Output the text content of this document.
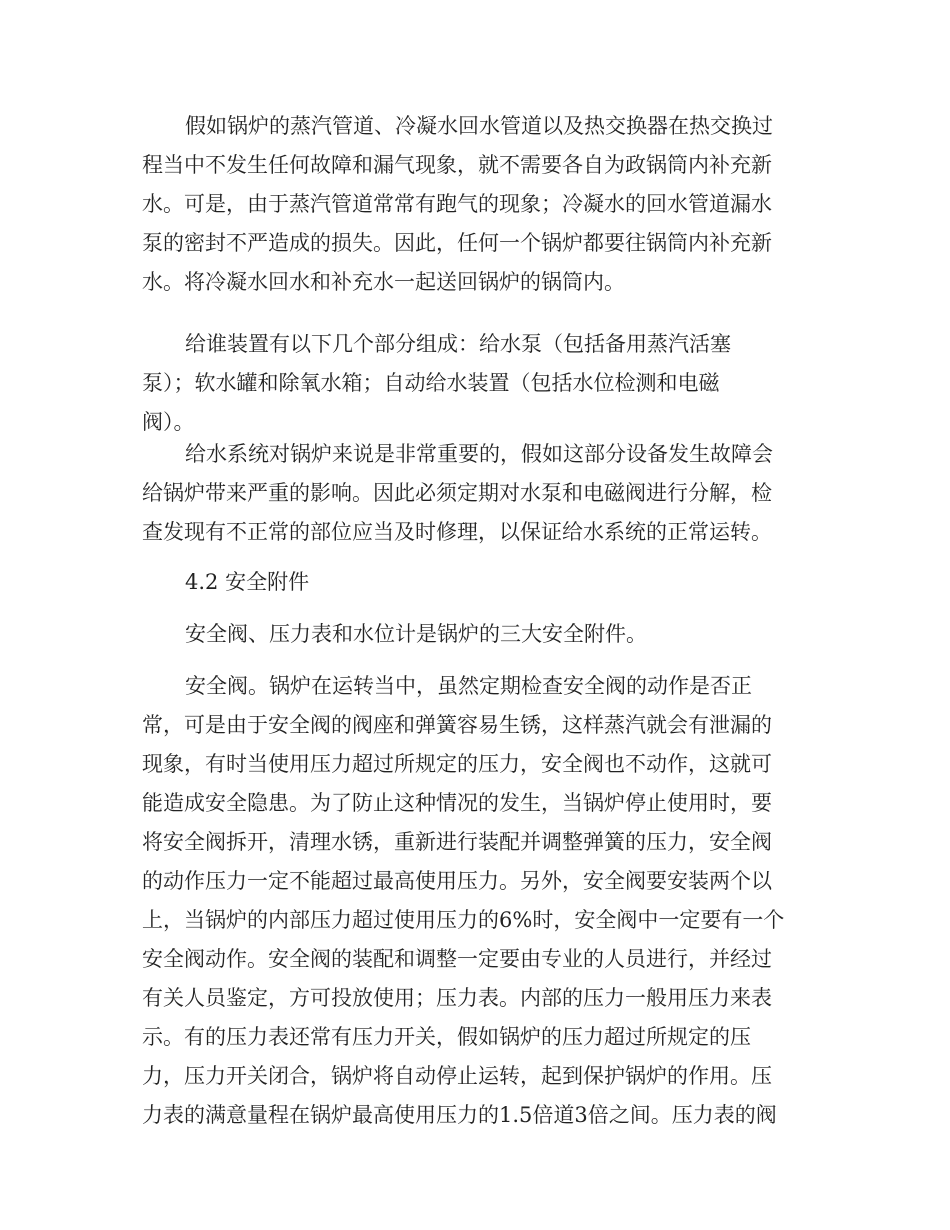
假如锅炉的蒸汽管道、冷凝水回水管道以及热交换器在热交换过
程当中不发生任何故障和漏气现象，就不需要各自为政锅筒内补充新
水。可是，由于蒸汽管道常常有跑气的现象；冷凝水的回水管道漏水
泵的密封不严造成的损失。因此，任何一个锅炉都要往锅筒内补充新
水。将冷凝水回水和补充水一起送回锅炉的锅筒内。
给谁装置有以下几个部分组成：给水泵（包括备用蒸汽活塞
泵）；软水罐和除氧水箱；自动给水装置（包括水位检测和电磁
阀）。
给水系统对锅炉来说是非常重要的，假如这部分设备发生故障会
给锅炉带来严重的影响。因此必须定期对水泵和电磁阀进行分解，检
查发现有不正常的部位应当及时修理，以保证给水系统的正常运转。
4.2 安全附件
安全阀、压力表和水位计是锅炉的三大安全附件。
安全阀。锅炉在运转当中，虽然定期检查安全阀的动作是否正
常，可是由于安全阀的阀座和弹簧容易生锈，这样蒸汽就会有泄漏的
现象，有时当使用压力超过所规定的压力，安全阀也不动作，这就可
能造成安全隐患。为了防止这种情况的发生，当锅炉停止使用时，要
将安全阀拆开，清理水锈，重新进行装配并调整弹簧的压力，安全阀
的动作压力一定不能超过最高使用压力。另外，安全阀要安装两个以
上，当锅炉的内部压力超过使用压力的6%时，安全阀中一定要有一个
安全阀动作。安全阀的装配和调整一定要由专业的人员进行，并经过
有关人员鉴定，方可投放使用；压力表。内部的压力一般用压力来表
示。有的压力表还常有压力开关，假如锅炉的压力超过所规定的压
力，压力开关闭合，锅炉将自动停止运转，起到保护锅炉的作用。压
力表的满意量程在锅炉最高使用压力的1.5倍道3倍之间。压力表的阀
